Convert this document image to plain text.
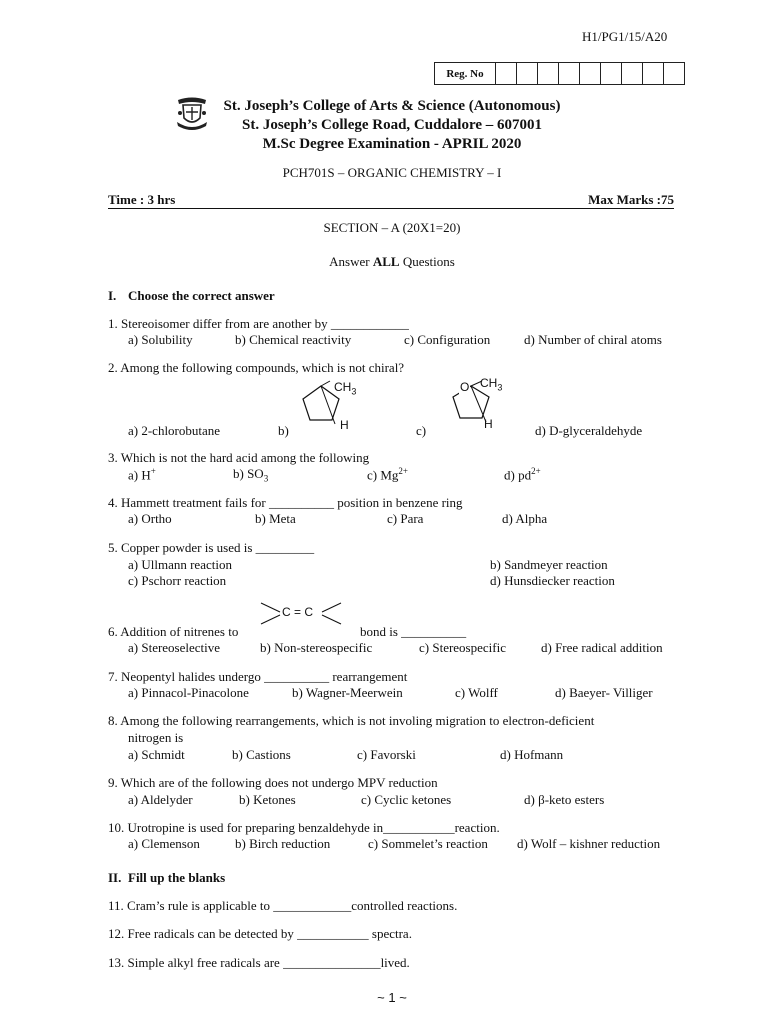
H1/PG1/15/A20
Reg. No
St. Joseph’s College of Arts & Science (Autonomous)
St. Joseph’s College Road, Cuddalore – 607001
M.Sc Degree Examination - APRIL 2020
PCH701S – ORGANIC CHEMISTRY – I
Time : 3 hrs	Max Marks :75
SECTION – A (20X1=20)
Answer ALL Questions
I. Choose the correct answer
1. Stereoisomer differ from are another by ____________
a) Solubility	b) Chemical reactivity	c) Configuration	d) Number of chiral atoms
2. Among the following compounds, which is not chiral?
$CH_3$
H
O $CH_3$
H
a) 2-chlorobutane	b)	c)	d) D-glyceraldehyde
3. Which is not the hard acid among the following
a) H+	b) $SO_3$	c) $Mg^{2+}$	d) $pd^{2+}$
4. Hammett treatment fails for __________ position in benzene ring
a) Ortho	b) Meta	c) Para	d) Alpha
5. Copper powder is used is _________
a) Ullmann reaction	b) Sandmeyer reaction
c) Pschorr reaction	d) Hunsdiecker reaction
C = C
6. Addition of nitrenes to	bond is __________
a) Stereoselective	b) Non-stereospecific	c) Stereospecific	d) Free radical addition
7. Neopentyl halides undergo __________ rearrangement
a) Pinnacol-Pinacolone	b) Wagner-Meerwein	c) Wolff	d) Baeyer- Villiger
8. Among the following rearrangements, which is not involing migration to electron-deficient
nitrogen is
a) Schmidt	b) Castions	c) Favorski	d) Hofmann
9. Which are of the following does not undergo MPV reduction
a) Aldelyder	b) Ketones	c) Cyclic ketones	d) β-keto esters
10. Urotropine is used for preparing benzaldehyde in___________reaction.
a) Clemenson	b) Birch reduction	c) Sommelet’s reaction d) Wolf – kishner reduction
II. Fill up the blanks
11. Cram’s rule is applicable to ____________controlled reactions.
12. Free radicals can be detected by ___________ spectra.
13. Simple alkyl free radicals are _______________lived.
~ 1 ~
